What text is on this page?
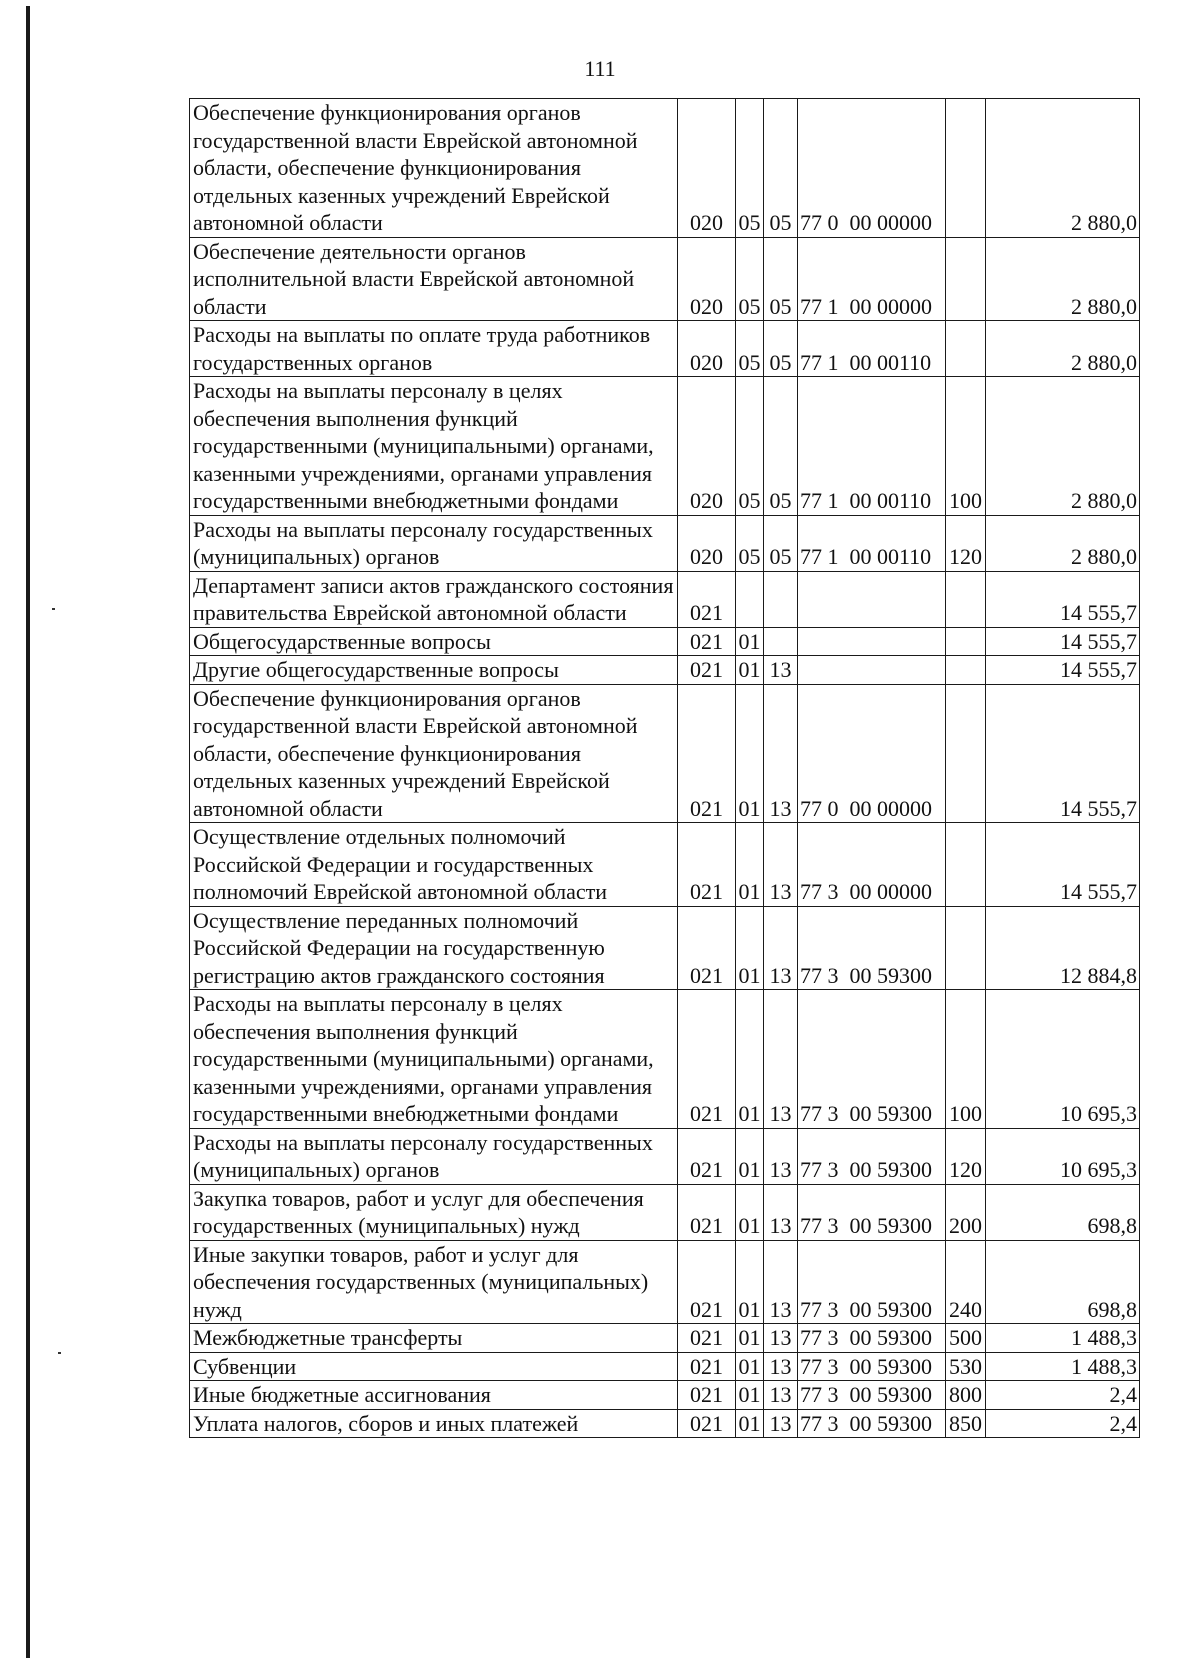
111
Обеспечение функционирования органов государственной власти Еврейской автономной области, обеспечение функционирования отдельных казенных учреждений Еврейской автономной области	020	05	05	77 0  00 00000		2 880,0
Обеспечение деятельности органов исполнительной власти Еврейской автономной области	020	05	05	77 1  00 00000		2 880,0
Расходы на выплаты по оплате труда работников государственных органов	020	05	05	77 1  00 00110		2 880,0
Расходы на выплаты персоналу в целях обеспечения выполнения функций государственными (муниципальными) органами, казенными учреждениями, органами управления государственными внебюджетными фондами	020	05	05	77 1  00 00110	100	2 880,0
Расходы на выплаты персоналу государственных (муниципальных) органов	020	05	05	77 1  00 00110	120	2 880,0
Департамент записи актов гражданского состояния правительства Еврейской автономной области	021					14 555,7
Общегосударственные вопросы	021	01				14 555,7
Другие общегосударственные вопросы	021	01	13			14 555,7
Обеспечение функционирования органов государственной власти Еврейской автономной области, обеспечение функционирования отдельных казенных учреждений Еврейской автономной области	021	01	13	77 0  00 00000		14 555,7
Осуществление отдельных полномочий Российской Федерации и государственных полномочий Еврейской автономной области	021	01	13	77 3  00 00000		14 555,7
Осуществление переданных полномочий Российской Федерации на государственную регистрацию актов гражданского состояния	021	01	13	77 3  00 59300		12 884,8
Расходы на выплаты персоналу в целях обеспечения выполнения функций государственными (муниципальными) органами, казенными учреждениями, органами управления государственными внебюджетными фондами	021	01	13	77 3  00 59300	100	10 695,3
Расходы на выплаты персоналу государственных (муниципальных) органов	021	01	13	77 3  00 59300	120	10 695,3
Закупка товаров, работ и услуг для обеспечения государственных (муниципальных) нужд	021	01	13	77 3  00 59300	200	698,8
Иные закупки товаров, работ и услуг для обеспечения государственных (муниципальных) нужд	021	01	13	77 3  00 59300	240	698,8
Межбюджетные трансферты	021	01	13	77 3  00 59300	500	1 488,3
Субвенции	021	01	13	77 3  00 59300	530	1 488,3
Иные бюджетные ассигнования	021	01	13	77 3  00 59300	800	2,4
Уплата налогов, сборов и иных платежей	021	01	13	77 3  00 59300	850	2,4
